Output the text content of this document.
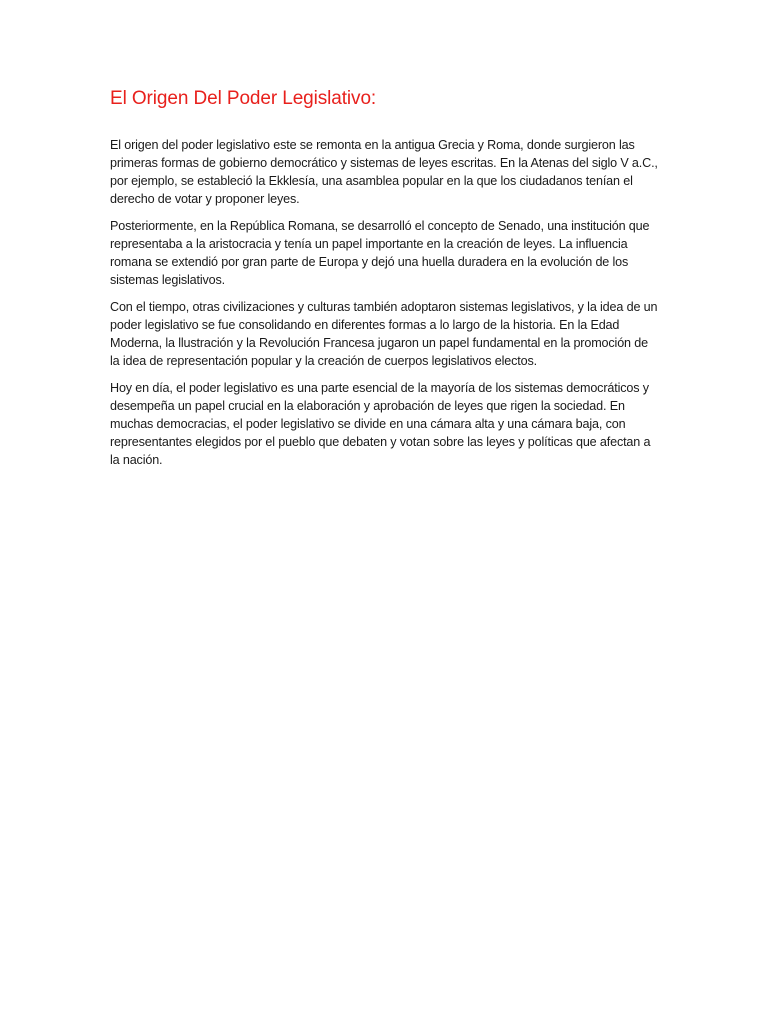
El Origen Del Poder Legislativo:

El origen del poder legislativo este se remonta en la antigua Grecia y Roma, donde surgieron las primeras formas de gobierno democrático y sistemas de leyes escritas. En la Atenas del siglo V a.C., por ejemplo, se estableció la Ekklesía, una asamblea popular en la que los ciudadanos tenían el derecho de votar y proponer leyes.

Posteriormente, en la República Romana, se desarrolló el concepto de Senado, una institución que representaba a la aristocracia y tenía un papel importante en la creación de leyes. La influencia romana se extendió por gran parte de Europa y dejó una huella duradera en la evolución de los sistemas legislativos.

Con el tiempo, otras civilizaciones y culturas también adoptaron sistemas legislativos, y la idea de un poder legislativo se fue consolidando en diferentes formas a lo largo de la historia. En la Edad Moderna, la llustración y la Revolución Francesa jugaron un papel fundamental en la promoción de la idea de representación popular y la creación de cuerpos legislativos electos.

Hoy en día, el poder legislativo es una parte esencial de la mayoría de los sistemas democráticos y desempeña un papel crucial en la elaboración y aprobación de leyes que rigen la sociedad. En muchas democracias, el poder legislativo se divide en una cámara alta y una cámara baja, con representantes elegidos por el pueblo que debaten y votan sobre las leyes y políticas que afectan a la nación.
